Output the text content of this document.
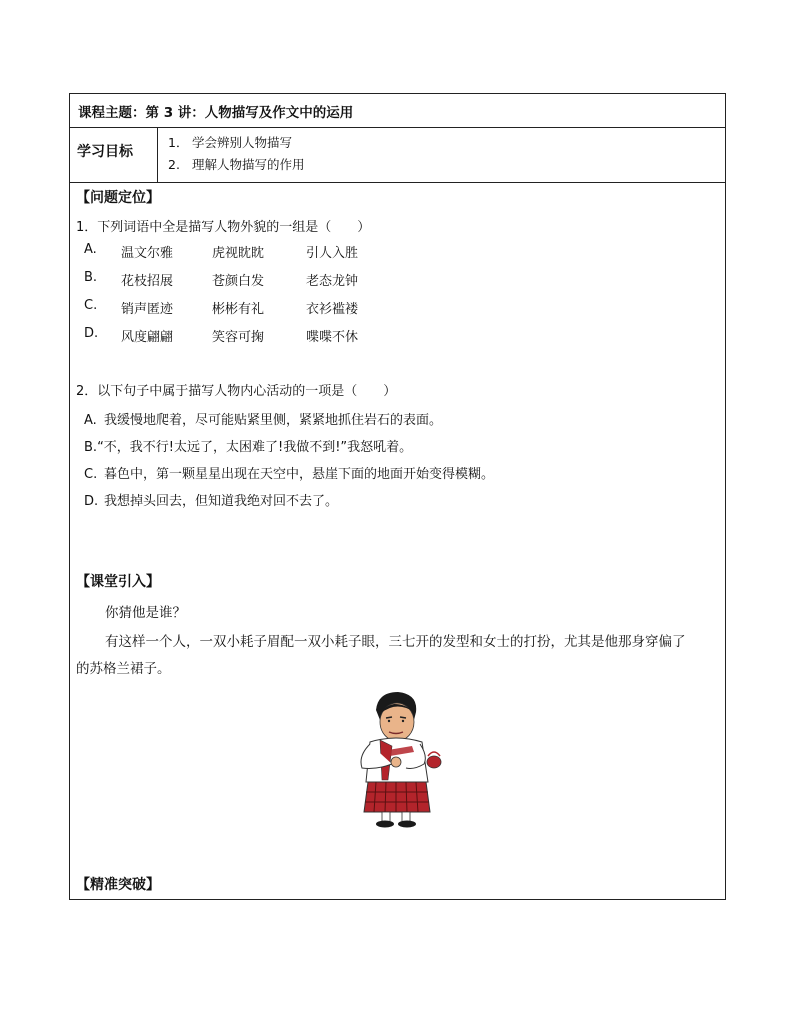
课程主题：第 3 讲：人物描写及作文中的运用
学习目标
1． 学会辨别人物描写
2. 理解人物描写的作用
【问题定位】
1．下列词语中全是描写人物外貌的一组是（　　）
A. 温文尔雅	虎视眈眈	引人入胜
B. 花枝招展	苍颜白发	老态龙钟
C. 销声匿迹	彬彬有礼	衣衫褴褛
D. 风度翩翩	笑容可掬	喋喋不休
2．以下句子中属于描写人物内心活动的一项是（　　）
A. 我缓慢地爬着，尽可能贴紧里侧，紧紧地抓住岩石的表面。
B.“不，我不行!太远了，太困难了!我做不到!”我怒吼着。
C. 暮色中，第一颗星星出现在天空中，悬崖下面的地面开始变得模糊。
D. 我想掉头回去，但知道我绝对回不去了。
【课堂引入】
你猜他是谁？
有这样一个人，一双小耗子眉配一双小耗子眼，三七开的发型和女士的打扮，尤其是他那身穿偏了
的苏格兰裙子。
【精准突破】
